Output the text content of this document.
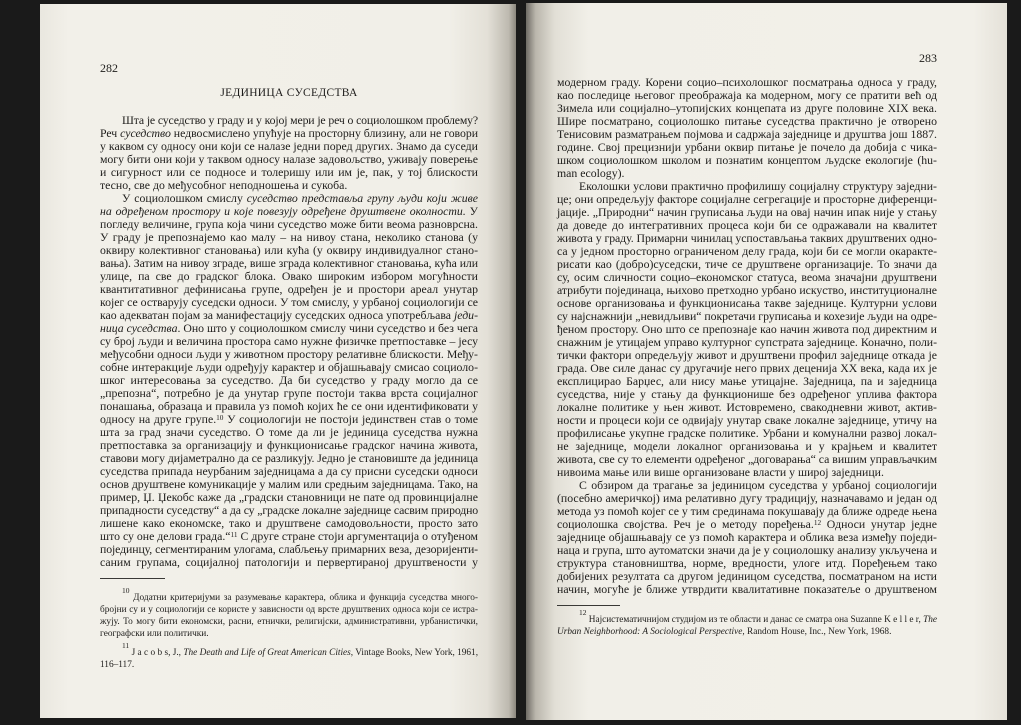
282
ЈЕДИНИЦА СУСЕДСТВА
Шта је суседство у граду и у којој мери је реч о социолошком проблему?
Реч суседство недвосмислено упућује на просторну близину, али не говори
у каквом су односу они који се налазе једни поред других. Знамо да суседи
могу бити они који у таквом односу налазе задовољство, уживају поверење
и сигурност или се подносе и толеришу или им је, пак, у тој блискости
тесно, све до међусобног неподношења и сукоба.
У социолошком смислу суседство представља групу људи који живе
на одређеном простору и које повезују одређене друштвене околности. У
погледу величине, група која чини суседство може бити веома разноврсна.
У граду је препознајемо као малу – на нивоу стана, неколико станова (у
оквиру колективног становања) или кућа (у оквиру индивидуалног стано-
вања). Затим на нивоу зграде, више зграда колективног становања, кућа или
улице, па све до градског блока. Овако широким избором могућности
квантитативног дефинисања групе, одређен је и простори ареал унутар
којег се остварују суседски односи. У том смислу, у урбаној социологији се
као адекватан појам за манифестацију суседских односа употребљава једи-
ница суседства. Оно што у социолошком смислу чини суседство и без чега
су број људи и величина простора само нужне физичке претпоставке – јесу
међусобни односи људи у животном простору релативне блискости. Међу-
собне интеракције људи одређују карактер и објашњавају смисао социоло-
шког интересовања за суседство. Да би суседство у граду могло да се
„препозна“, потребно је да унутар групе постоји таква врста социјалног
понашања, образаца и правила уз помоћ којих ће се они идентификовати у
односу на друге групе.$^{10}$ У социологији не постоји јединствен став о томе
шта за град значи суседство. О томе да ли је јединица суседства нужна
претпоставка за организацију и функционисање градског начина живота,
ставови могу дијаметрално да се разликују. Једно је становиште да јединица
суседства припада неурбаним заједницама а да су присни суседски односи
основ друштвене комуникације у малим или средњим заједницама. Тако, на
пример, Џ. Џекобс каже да „градски становници не пате од провинцијалне
припадности суседству“ а да су „градске локалне заједнице сасвим природно
лишене како економске, тако и друштвене самодовољности, просто зато
што су оне делови града.“$^{11}$ С друге стране стоји аргументација о отуђеном
појединцу, сегментираним улогама, слабљењу примарних веза, дезоријенти-
саним групама, социјалној патологији и первертираној друштвености у
$^{10}$ Додатни критеријуми за разумевање карактера, облика и функција суседства много-
бројни су и у социологији се користе у зависности од врсте друштвених односа који се истра-
жују. То могу бити економски, расни, етнички, религијски, административни, урбанистички,
географски или политички.
$^{11}$ J a c o b s, J., The Death and Life of Great American Cities, Vintage Books, New York, 1961,
116–117.
283
модерном граду. Корени социо–психолошког посматрања односа у граду,
као последице његовог преображаја ка модерном, могу се пратити већ од
Зимела или социјално–утопијских концепата из друге половине XIX века.
Шире посматрано, социолошко питање суседства практично је отворено
Тенисовим разматрањем појмова и садржаја заједнице и друштва још 1887.
године. Свој прецизнији урбани оквир питање је почело да добија с чика-
шком социолошком школом и познатим концептом људске екологије (hu-
man ecology).
Еколошки услови практично профилишу социјалну структуру заједни-
це; они опредељују факторе социјалне сегрегације и просторне диференци-
јације. „Природни“ начин груписања људи на овај начин ипак није у стању
да доведе до интегративних процеса који би се одражавали на квалитет
живота у граду. Примарни чинилац успостављања таквих друштвених одно-
са у једном просторно ограниченом делу града, који би се могли окаракте-
рисати као (добро)суседски, тиче се друштвене организације. То значи да
су, осим сличности социо–економског статуса, веома значајни друштвени
атрибути појединаца, њихово претходно урбано искуство, институционалне
основе организовања и функционисања такве заједнице. Културни услови
су најснажнији „невидљиви“ покретачи груписања и кохезије људи на одре-
ђеном простору. Оно што се препознаје као начин живота под директним и
снажним је утицајем управо културног супстрата заједнице. Коначно, поли-
тички фактори опредељују живот и друштвени профил заједнице откада је
града. Ове силе данас су другачије него првих деценија XX века, када их је
експлицирао Барџес, али нису мање утицајне. Заједница, па и заједница
суседства, није у стању да функционише без одређеног уплива фактора
локалне политике у њен живот. Истовремено, свакодневни живот, актив-
ности и процеси који се одвијају унутар сваке локалне заједнице, утичу на
профилисање укупне градске политике. Урбани и комунални развој локал-
не заједнице, модели локалног организовања и у крајњем и квалитет
живота, све су то елементи одређеног „договарања“ са вишим управљачким
нивоима мање или више организоване власти у широј заједници.
С обзиром да трагање за јединицом суседства у урбаној социологији
(посебно америчкој) има релативно дугу традицију, назначавамо и један од
метода уз помоћ којег се у тим срединама покушавају да ближе одреде њена
социолошка својства. Реч је о методу поређења.$^{12}$ Односи унутар једне
заједнице објашњавају се уз помоћ карактера и облика веза између поједи-
наца и група, што аутоматски значи да је у социолошку анализу укључена и
структура становништва, норме, вредности, улоге итд. Поређењем тако
добијених резултата са другом јединицом суседства, посматраном на исти
начин, могуће је ближе утврдити квалитативне показатеље о друштвеном
$^{12}$ Најсистематичнијом студијом из те области и данас се сматра она Suzanne K e l l e r, The
Urban Neighborhood: A Sociological Perspective, Random House, Inc., New York, 1968.
